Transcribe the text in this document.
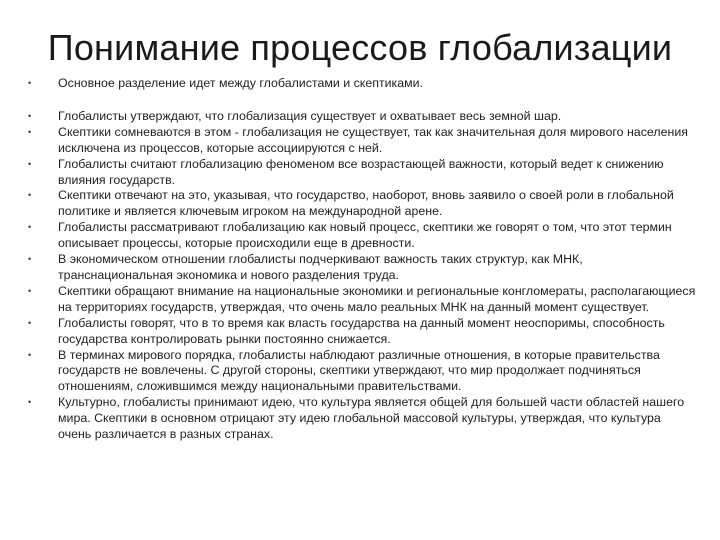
Понимание процессов глобализации
•	Основное разделение идет между глобалистами и скептиками.
•	Глобалисты утверждают, что глобализация существует и охватывает весь земной шар.
•	Скептики сомневаются в этом - глобализация не существует, так как значительная доля мирового населения исключена из процессов, которые ассоциируются с ней.
•	Глобалисты считают глобализацию феноменом все возрастающей важности, который ведет к снижению влияния государств.
•	Скептики отвечают на это, указывая, что государство, наоборот, вновь заявило о своей роли в глобальной политике и является ключевым игроком на международной арене.
•	Глобалисты рассматривают глобализацию как новый процесс, скептики же говорят о том, что этот термин описывает процессы, которые происходили еще в древности.
•	В экономическом отношении глобалисты подчеркивают важность таких структур, как МНК, транснациональная экономика и нового разделения труда.
•	Скептики обращают внимание на национальные экономики и региональные конгломераты, располагающиеся на территориях государств, утверждая, что очень мало реальных МНК на данный момент существует.
•	Глобалисты говорят, что в то время как власть государства на данный момент неоспоримы, способность государства контролировать рынки постоянно снижается.
•	В терминах мирового порядка, глобалисты наблюдают различные отношения, в которые правительства государств не вовлечены. С другой стороны, скептики утверждают, что мир продолжает подчиняться отношениям, сложившимся между национальными правительствами.
•	Культурно, глобалисты принимают идею, что культура является общей для большей части областей нашего мира. Скептики в основном отрицают эту идею глобальной массовой культуры, утверждая, что культура очень различается в разных странах.
